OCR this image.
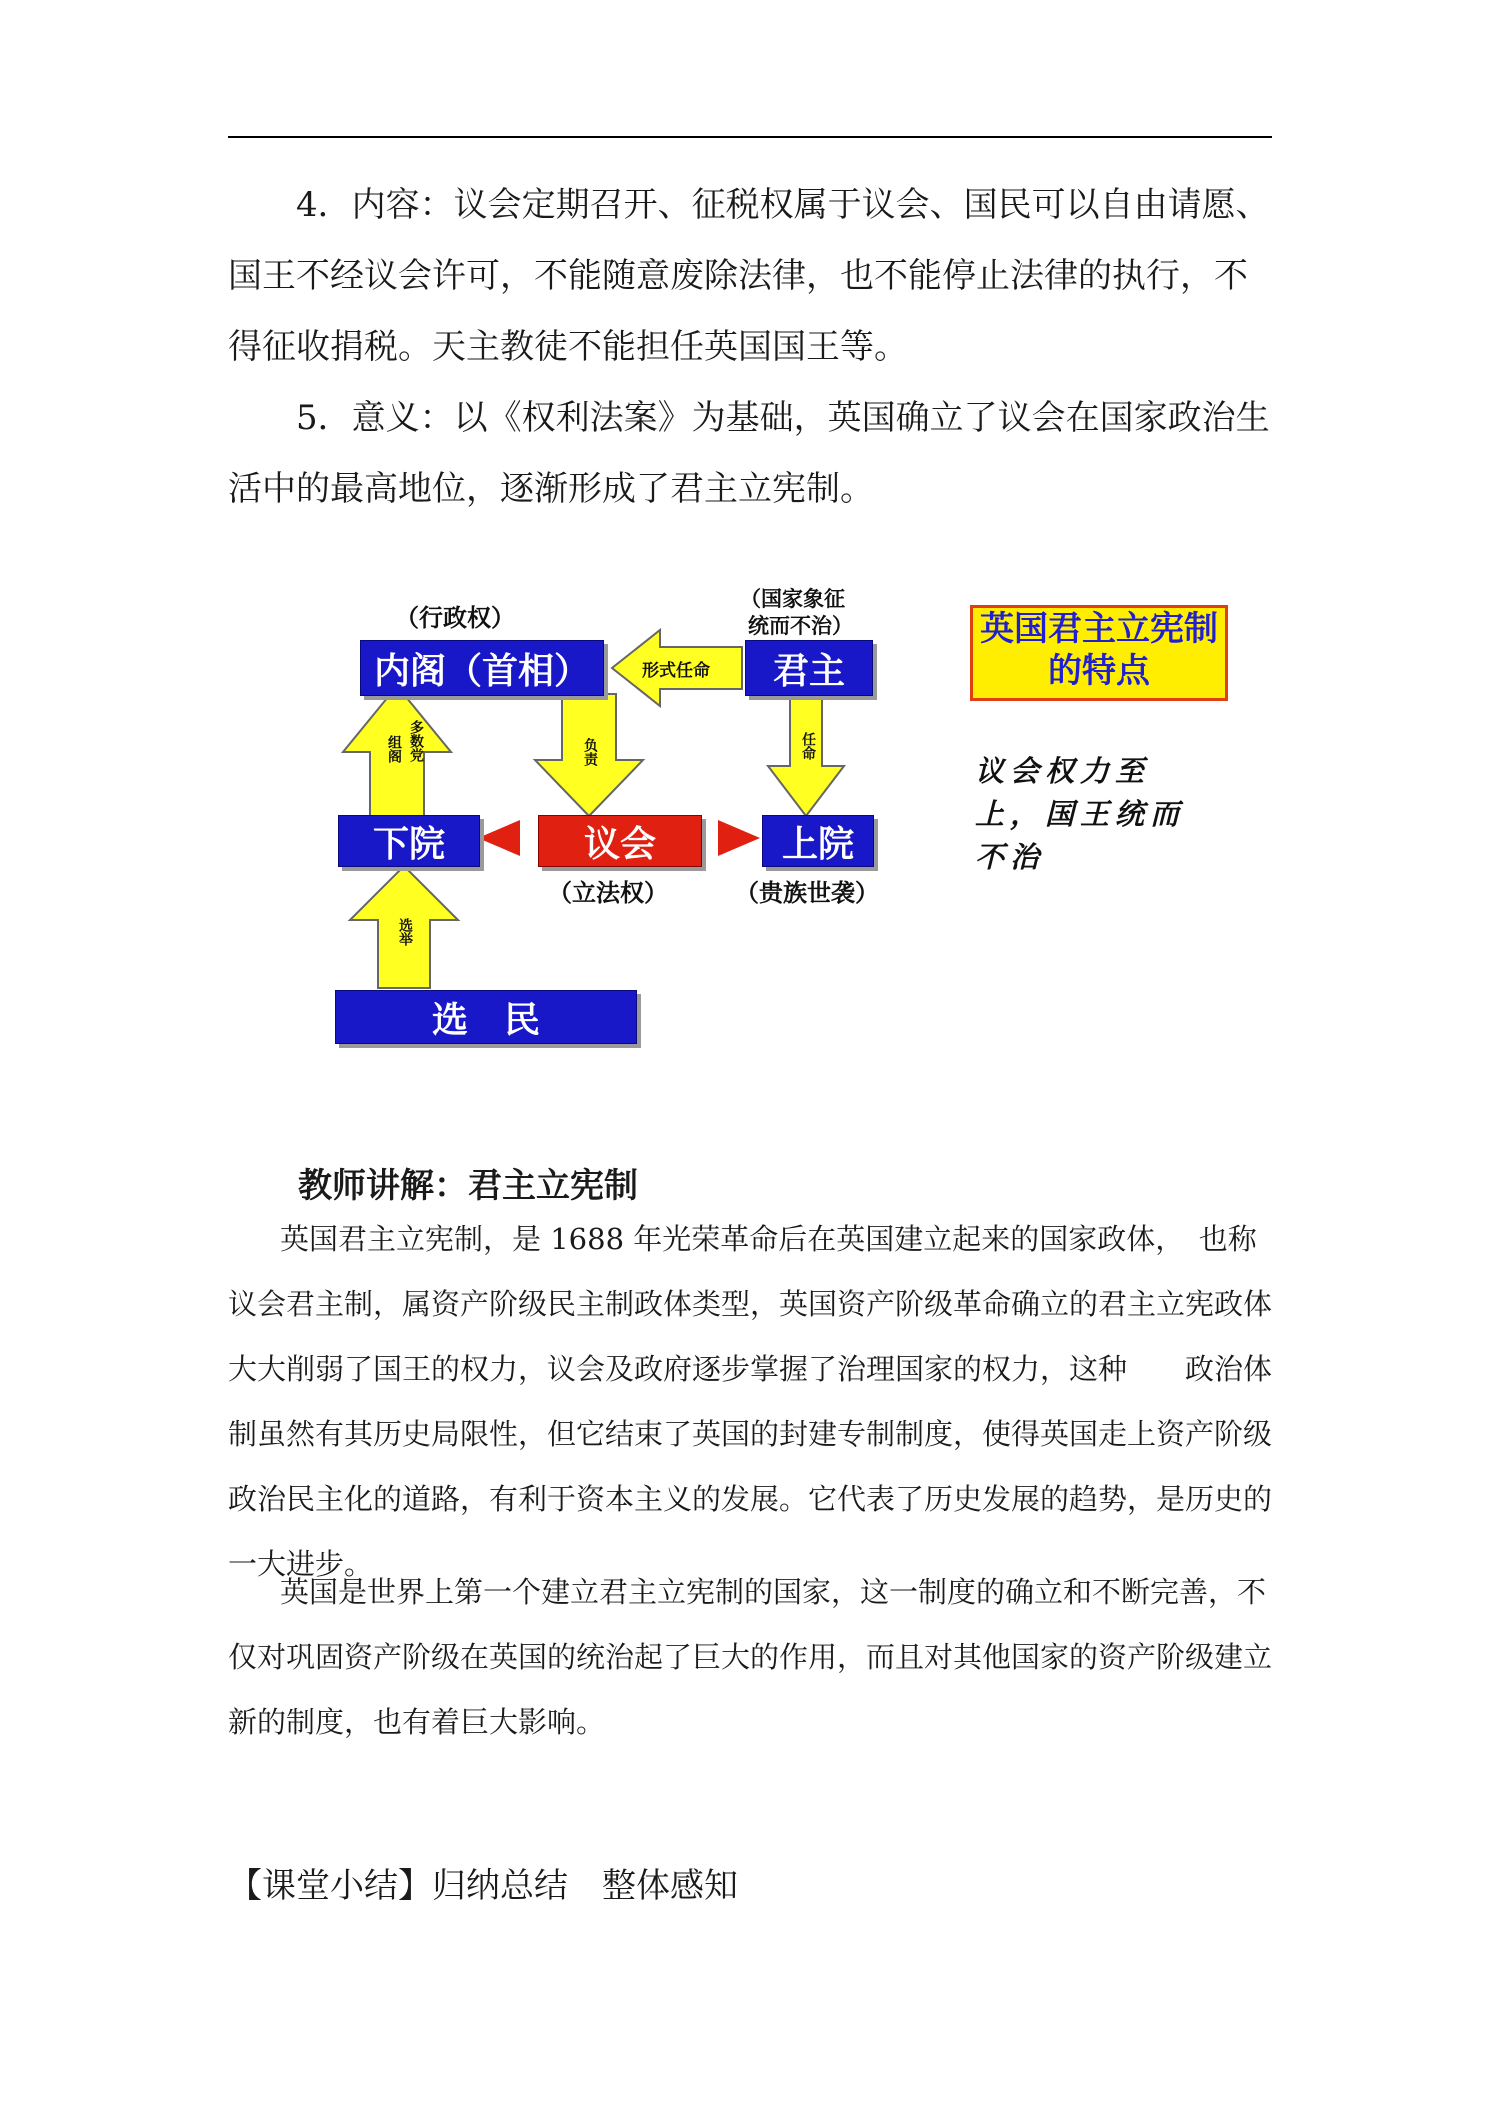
4．内容：议会定期召开、征税权属于议会、国民可以自由请愿、国王不经议会许可，不能随意废除法律，也不能停止法律的执行，不得征收捐税。天主教徒不能担任英国国王等。

5．意义：以《权利法案》为基础，英国确立了议会在国家政治生活中的最高地位，逐渐形成了君主立宪制。

（行政权）
内阁（首相）
（国家象征
统而不治）
君主
形式任命
下院	议会	上院
（立法权）	（贵族世袭）
选　民
组阁 多数党	负责	任命
选举
英国君主立宪制的特点
议会权力至上，国王统而不治
教师讲解：君主立宪制

英国君主立宪制，是 1688 年光荣革命后在英国建立起来的国家政体，　也称议会君主制，属资产阶级民主制政体类型，英国资产阶级革命确立的君主立宪政体大大削弱了国王的权力，议会及政府逐步掌握了治理国家的权力，这种　　政治体制虽然有其历史局限性，但它结束了英国的封建专制制度，使得英国走上资产阶级政治民主化的道路，有利于资本主义的发展。它代表了历史发展的趋势，是历史的一大进步。

英国是世界上第一个建立君主立宪制的国家，这一制度的确立和不断完善，不仅对巩固资产阶级在英国的统治起了巨大的作用，而且对其他国家的资产阶级建立新的制度，也有着巨大影响。

【课堂小结】归纳总结　整体感知
